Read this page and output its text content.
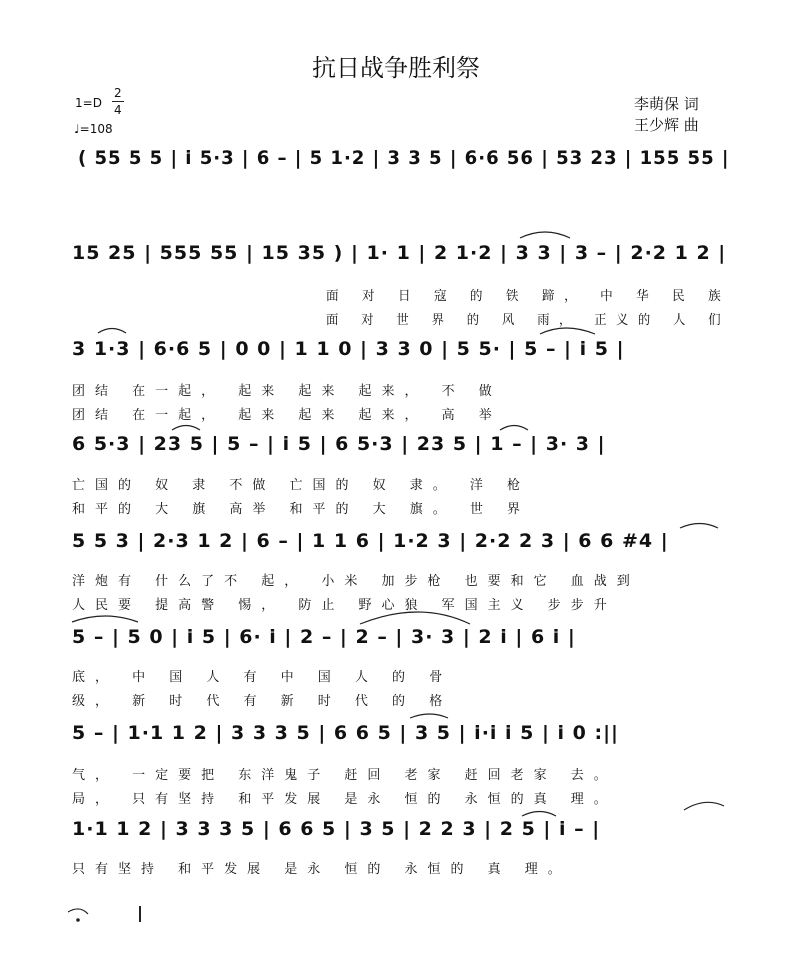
抗日战争胜利祭
1=D
2
4
♩=108
李萌保 词
王少辉 曲
( 55 5 5 | i 5·3 | 6 – | 5 1·2 | 3 3 5 | 6·6 56 | 53 23 | 155 55 |
15 25 | 555 55 | 15 35 ) | 1· 1 | 2 1·2 | 3 3 | 3 – | 2·2 1 2 |
面 对 日 寇 的 铁 蹄， 中 华 民 族
面 对 世 界 的 风 雨， 正义的 人 们
3 1·3 | 6·6 5 | 0 0 | 1 1 0 | 3 3 0 | 5 5· | 5 – | i 5 |
团结 在一起， 起来 起来 起来， 不 做
团结 在一起， 起来 起来 起来， 高 举
6 5·3 | 23 5 | 5 – | i 5 | 6 5·3 | 23 5 | 1 – | 3· 3 |
亡国的 奴 隶 不做 亡国的 奴 隶。 洋 枪
和平的 大 旗 高举 和平的 大 旗。 世 界
5 5 3 | 2·3 1 2 | 6 – | 1 1 6 | 1·2 3 | 2·2 2 3 | 6 6 #4 |
洋炮有 什么了不 起， 小米 加步枪 也要和它 血战到
人民要 提高警 惕， 防止 野心狼 军国主义 步步升
5 – | 5 0 | i 5 | 6· i | 2 – | 2 – | 3· 3 | 2 i | 6 i |
底， 中 国 人 有 中 国 人 的 骨
级， 新 时 代 有 新 时 代 的 格
5 – | 1·1 1 2 | 3 3 3 5 | 6 6 5 | 3 5 | i·i i 5 | i 0 :||
气， 一定要把 东洋鬼子 赶回 老家 赶回老家 去。
局， 只有坚持 和平发展 是永 恒的 永恒的真 理。
1·1 1 2 | 3 3 3 5 | 6 6 5 | 3 5 | 2 2 3 | 2 5 | i – |
只有坚持 和平发展 是永 恒的 永恒的 真 理。
